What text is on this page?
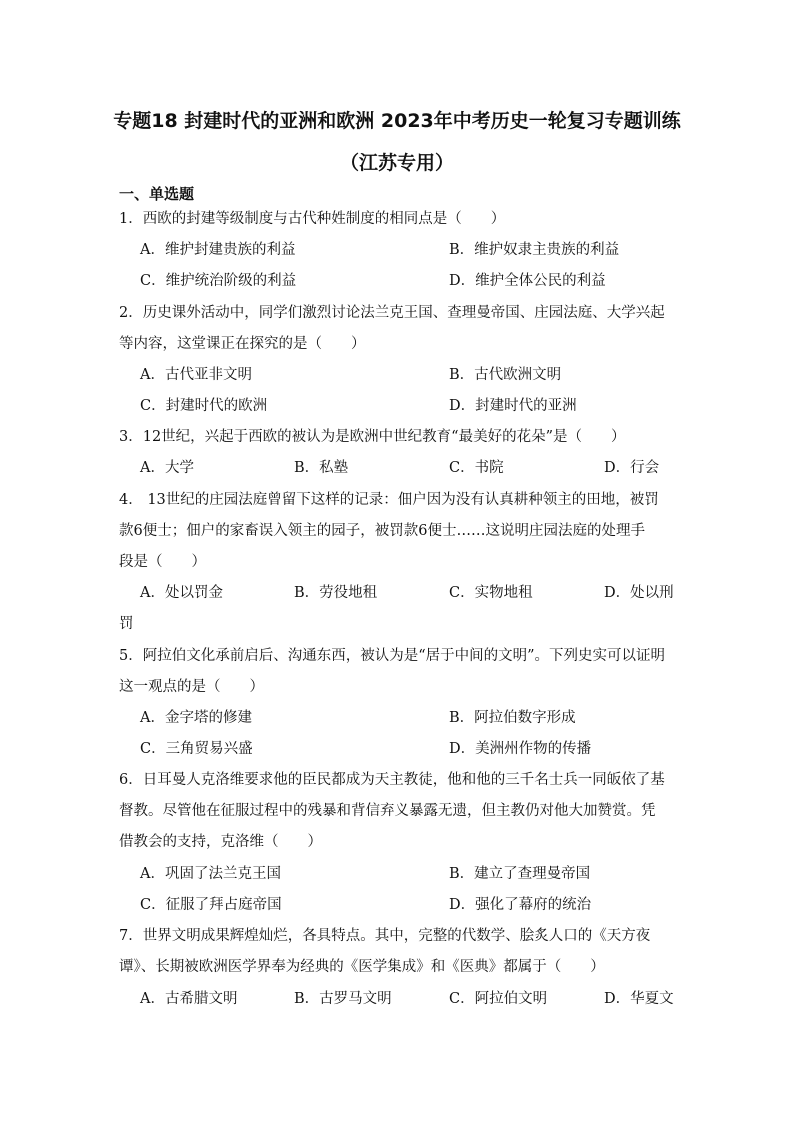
专题18 封建时代的亚洲和欧洲 2023年中考历史一轮复习专题训练
（江苏专用）
一、单选题
1．西欧的封建等级制度与古代种姓制度的相同点是（　　）
A．维护封建贵族的利益	B．维护奴隶主贵族的利益
C．维护统治阶级的利益	D．维护全体公民的利益
2．历史课外活动中，同学们激烈讨论法兰克王国、查理曼帝国、庄园法庭、大学兴起
等内容，这堂课正在探究的是（　　）
A．古代亚非文明	B．古代欧洲文明
C．封建时代的欧洲	D．封建时代的亚洲
3．12世纪，兴起于西欧的被认为是欧洲中世纪教育“最美好的花朵”是（　　）
A．大学	B．私塾	C．书院	D．行会
4． 13世纪的庄园法庭曾留下这样的记录：佃户因为没有认真耕种领主的田地，被罚
款6便士；佃户的家畜误入领主的园子，被罚款6便士……这说明庄园法庭的处理手
段是（　　）
A．处以罚金	B．劳役地租	C．实物地租	D．处以刑
罚
5．阿拉伯文化承前启后、沟通东西，被认为是“居于中间的文明”。下列史实可以证明
这一观点的是（　　）
A．金字塔的修建	B．阿拉伯数字形成
C．三角贸易兴盛	D．美洲州作物的传播
6．日耳曼人克洛维要求他的臣民都成为天主教徒，他和他的三千名士兵一同皈依了基
督教。尽管他在征服过程中的残暴和背信弃义暴露无遗，但主教仍对他大加赞赏。凭
借教会的支持，克洛维（　　）
A．巩固了法兰克王国	B．建立了查理曼帝国
C．征服了拜占庭帝国	D．强化了幕府的统治
7．世界文明成果辉煌灿烂，各具特点。其中，完整的代数学、脍炙人口的《天方夜
谭》、长期被欧洲医学界奉为经典的《医学集成》和《医典》都属于（　　）
A．古希腊文明	B．古罗马文明	C．阿拉伯文明	D．华夏文
